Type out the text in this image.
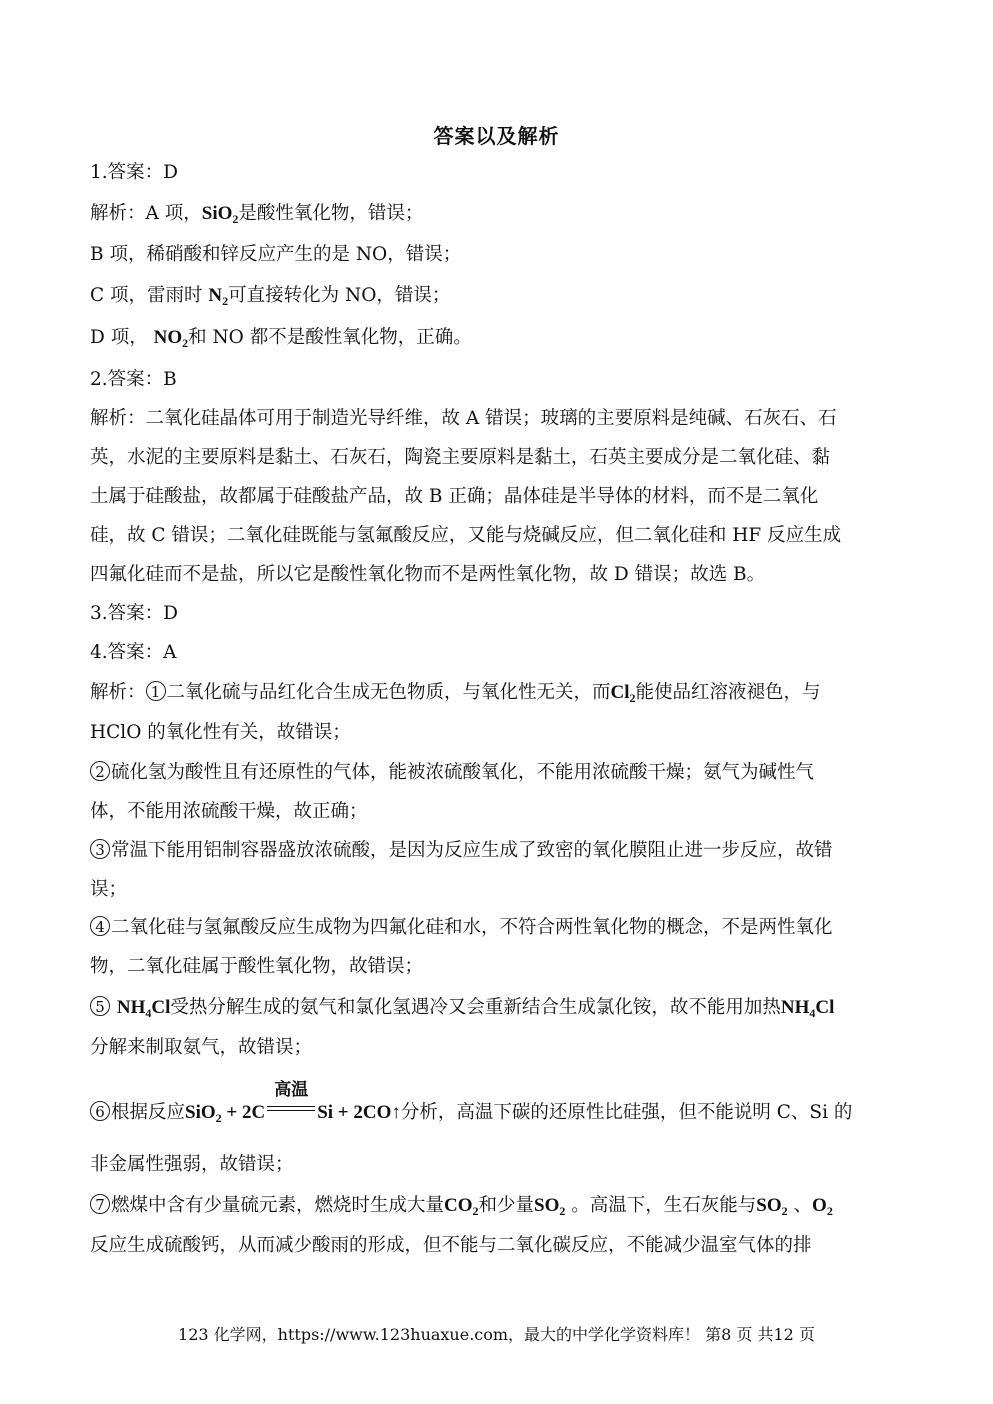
答案以及解析
1.答案：D
解析：A 项，SiO$_2$是酸性氧化物，错误；
B 项，稀硝酸和锌反应产生的是 NO，错误；
C 项，雷雨时 $N_2$可直接转化为 NO，错误；
D 项， $NO_2$和 NO 都不是酸性氧化物，正确。
2.答案：B
解析：二氧化硅晶体可用于制造光导纤维，故 A 错误；玻璃的主要原料是纯碱、石灰石、石
英，水泥的主要原料是黏土、石灰石，陶瓷主要原料是黏土，石英主要成分是二氧化硅、黏
土属于硅酸盐，故都属于硅酸盐产品，故 B 正确；晶体硅是半导体的材料，而不是二氧化
硅，故 C 错误；二氧化硅既能与氢氟酸反应，又能与烧碱反应，但二氧化硅和 HF 反应生成
四氟化硅而不是盐，所以它是酸性氧化物而不是两性氧化物，故 D 错误；故选 B。
3.答案：D
4.答案：A
解析： 1 二氧化硫与品红化合生成无色物质，与氧化性无关，而$Cl_2$能使品红溶液褪色，与
HClO 的氧化性有关，故错误；
2 硫化氢为酸性且有还原性的气体，能被浓硫酸氧化，不能用浓硫酸干燥；氨气为碱性气
体，不能用浓硫酸干燥，故正确；
3 常温下能用铝制容器盛放浓硫酸，是因为反应生成了致密的氧化膜阻止进一步反应，故错
误；
4 二氧化硅与氢氟酸反应生成物为四氟化硅和水，不符合两性氧化物的概念，不是两性氧化
物，二氧化硅属于酸性氧化物，故错误；
5 $NH_4Cl$受热分解生成的氨气和氯化氢遇冷又会重新结合生成氯化铵，故不能用加热$NH_4Cl$
分解来制取氨气，故错误；
6 根据反应SiO$_2$ + 2C
高温
Si + 2CO↑分析，高温下碳的还原性比硅强，但不能说明 C、Si 的
非金属性强弱，故错误；
7 燃煤中含有少量硫元素，燃烧时生成大量$CO_2$和少量$SO_2$ 。高温下，生石灰能与$SO_2$ 、$O_2$
反应生成硫酸钙，从而减少酸雨的形成，但不能与二氧化碳反应，不能减少温室气体的排
123 化学网，https://www.123huaxue.com，最大的中学化学资料库！ 第8 页 共12 页
